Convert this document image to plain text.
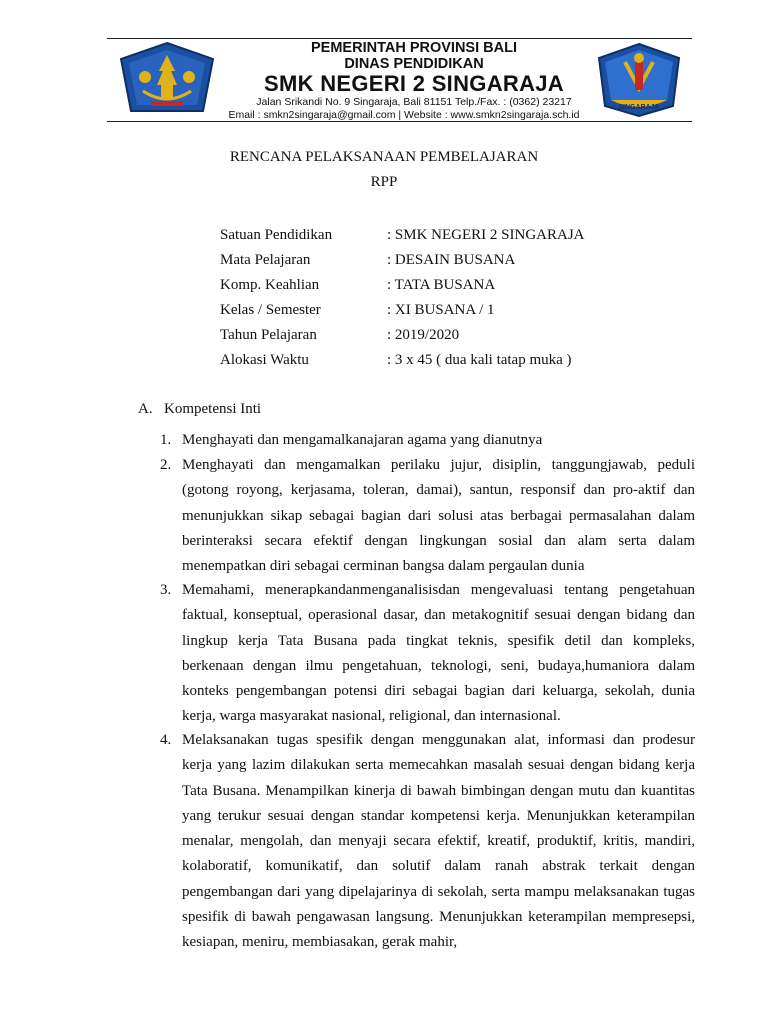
PEMERINTAH PROVINSI BALI
DINAS PENDIDIKAN
SMK NEGERI 2 SINGARAJA
Jalan Srikandi No. 9 Singaraja, Bali 81151 Telp./Fax. : (0362) 23217
Email : smkn2singaraja@gmail.com | Website : www.smkn2singaraja.sch.id
SINGARAJA
RENCANA PELAKSANAAN PEMBELAJARAN
RPP
Satuan Pendidikan	: SMK NEGERI 2 SINGARAJA
Mata Pelajaran	: DESAIN BUSANA
Komp. Keahlian	: TATA BUSANA
Kelas / Semester	: XI BUSANA / 1
Tahun Pelajaran	: 2019/2020
Alokasi Waktu	: 3 x 45 ( dua kali tatap muka )
A. Kompetensi Inti
1. Menghayati dan mengamalkanajaran agama yang dianutnya
2. Menghayati dan mengamalkan perilaku jujur, disiplin, tanggungjawab, peduli (gotong royong, kerjasama, toleran, damai), santun, responsif dan pro-aktif dan menunjukkan sikap sebagai bagian dari solusi atas berbagai permasalahan dalam berinteraksi secara efektif dengan lingkungan sosial dan alam serta dalam menempatkan diri sebagai cerminan bangsa dalam pergaulan dunia
3. Memahami, menerapkandanmenganalisisdan mengevaluasi tentang pengetahuan faktual, konseptual, operasional dasar, dan metakognitif sesuai dengan bidang dan lingkup kerja Tata Busana pada tingkat teknis, spesifik detil dan kompleks, berkenaan dengan ilmu pengetahuan, teknologi, seni, budaya,humaniora dalam konteks pengembangan potensi diri sebagai bagian dari keluarga, sekolah, dunia kerja, warga masyarakat nasional, religional, dan internasional.
4. Melaksanakan tugas spesifik dengan menggunakan alat, informasi dan prodesur kerja yang lazim dilakukan serta memecahkan masalah sesuai dengan bidang kerja Tata Busana. Menampilkan kinerja di bawah bimbingan dengan mutu dan kuantitas yang terukur sesuai dengan standar kompetensi kerja. Menunjukkan keterampilan menalar, mengolah, dan menyaji secara efektif, kreatif, produktif, kritis, mandiri, kolaboratif, komunikatif, dan solutif dalam ranah abstrak terkait dengan pengembangan dari yang dipelajarinya di sekolah, serta mampu melaksanakan tugas spesifik di bawah pengawasan langsung. Menunjukkan keterampilan mempresepsi, kesiapan, meniru, membiasakan, gerak mahir,
